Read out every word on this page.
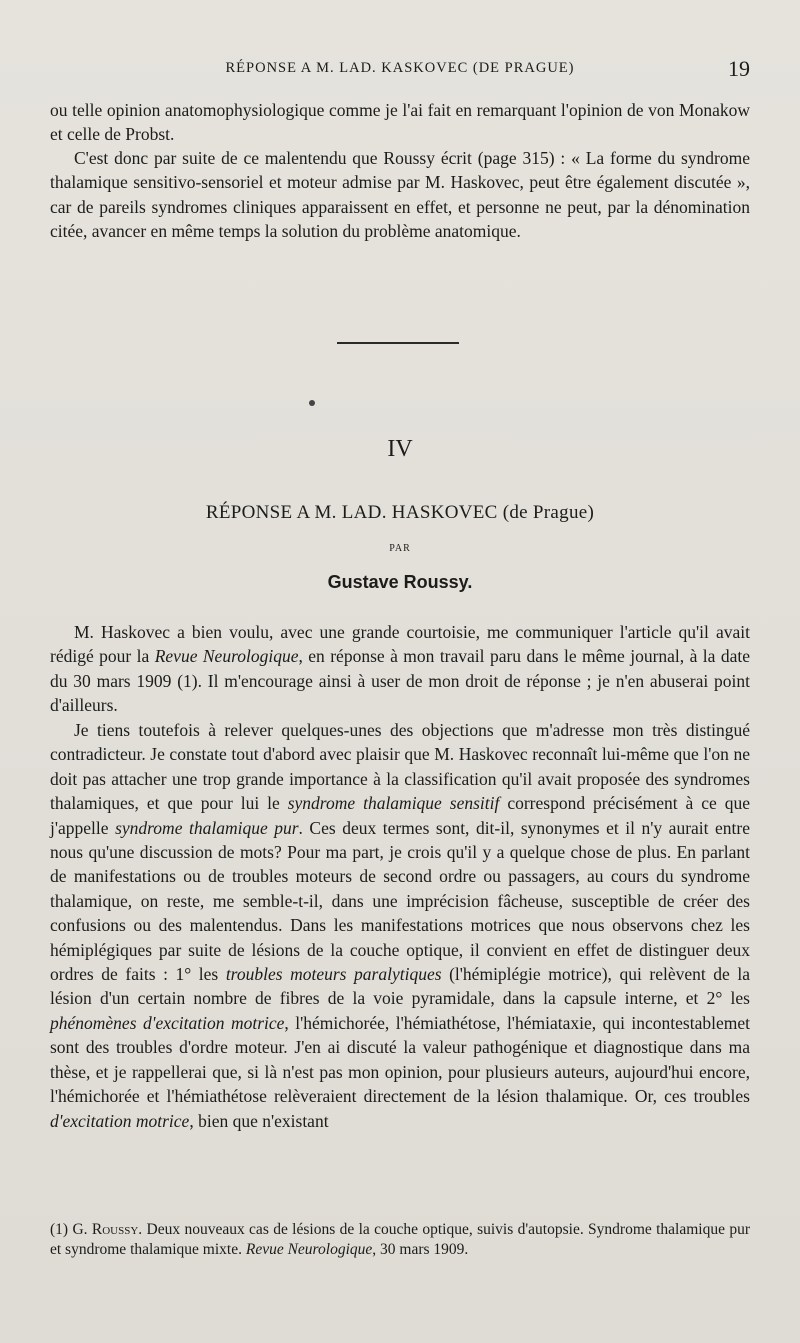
RÉPONSE A M. LAD. KASKOVEC (DE PRAGUE)	19

ou telle opinion anatomophysiologique comme je l'ai fait en remarquant l'opinion de von Monakow et celle de Probst.

C'est donc par suite de ce malentendu que Roussy écrit (page 315) : « La forme du syndrome thalamique sensitivo-sensoriel et moteur admise par M. Haskovec, peut être également discutée », car de pareils syndromes cliniques apparaissent en effet, et personne ne peut, par la dénomination citée, avancer en même temps la solution du problème anatomique.

IV
RÉPONSE A M. LAD. HASKOVEC (de Prague)
PAR
Gustave Roussy.

M. Haskovec a bien voulu, avec une grande courtoisie, me communiquer l'article qu'il avait rédigé pour la Revue Neurologique, en réponse à mon travail paru dans le même journal, à la date du 30 mars 1909 (1). Il m'encourage ainsi à user de mon droit de réponse ; je n'en abuserai point d'ailleurs.

Je tiens toutefois à relever quelques-unes des objections que m'adresse mon très distingué contradicteur. Je constate tout d'abord avec plaisir que M. Haskovec reconnaît lui-même que l'on ne doit pas attacher une trop grande importance à la classification qu'il avait proposée des syndromes thalamiques, et que pour lui le syndrome thalamique sensitif correspond précisément à ce que j'appelle syndrome thalamique pur. Ces deux termes sont, dit-il, synonymes et il n'y aurait entre nous qu'une discussion de mots? Pour ma part, je crois qu'il y a quelque chose de plus. En parlant de manifestations ou de troubles moteurs de second ordre ou passagers, au cours du syndrome thalamique, on reste, me semble-t-il, dans une imprécision fâcheuse, susceptible de créer des confusions ou des malentendus. Dans les manifestations motrices que nous observons chez les hémiplégiques par suite de lésions de la couche optique, il convient en effet de distinguer deux ordres de faits : 1° les troubles moteurs paralytiques (l'hémiplégie motrice), qui relèvent de la lésion d'un certain nombre de fibres de la voie pyramidale, dans la capsule interne, et 2° les phénomènes d'excitation motrice, l'hémichorée, l'hémiathétose, l'hémiataxie, qui incontestablemet sont des troubles d'ordre moteur. J'en ai discuté la valeur pathogénique et diagnostique dans ma thèse, et je rappellerai que, si là n'est pas mon opinion, pour plusieurs auteurs, aujourd'hui encore, l'hémichorée et l'hémiathétose relèveraient directement de la lésion thalamique. Or, ces troubles d'excitation motrice, bien que n'existant

(1) G. Roussy. Deux nouveaux cas de lésions de la couche optique, suivis d'autopsie. Syndrome thalamique pur et syndrome thalamique mixte. Revue Neurologique, 30 mars 1909.
